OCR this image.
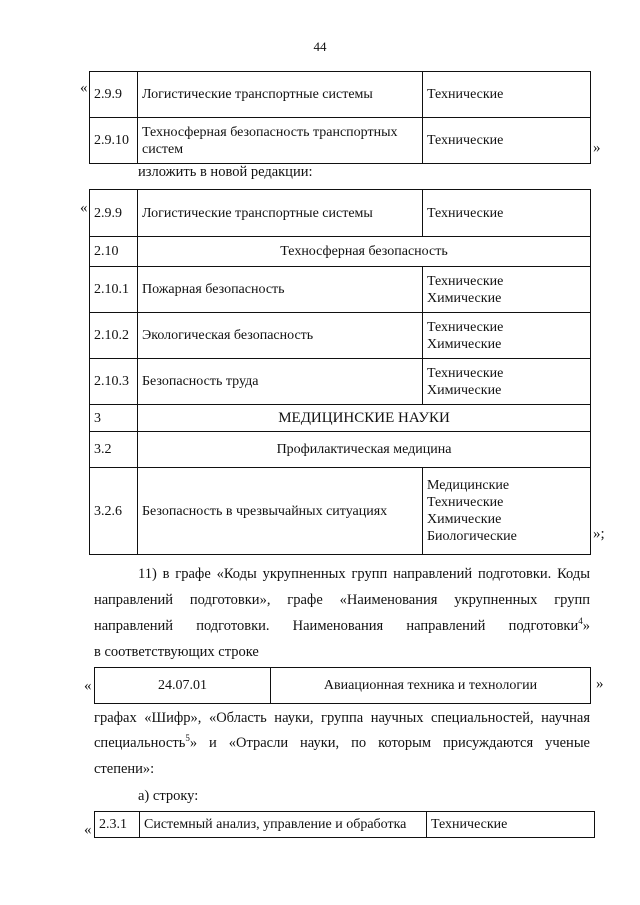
44
« 2.9.9	Логистические транспортные системы	Технические
2.9.10	Техносферная безопасность транспортных систем	Технические	»
изложить в новой редакции:
« 2.9.9	Логистические транспортные системы	Технические
2.10	Техносферная безопасность	
2.10.1	Пожарная безопасность	Технические
Химические

2.10.2	Экологическая безопасность	Технические
Химические

2.10.3	Безопасность труда	Технические
Химические

3	МЕДИЦИНСКИЕ НАУКИ	
3.2	Профилактическая медицина	
3.2.6	Безопасность в чрезвычайных ситуациях	Медицинские
Технические
Химические
Биологические	»;
11) в графе «Коды укрупненных групп направлений подготовки. Коды
направлений подготовки», графе «Наименования укрупненных групп
направлений подготовки. Наименования направлений подготовки$^4$»
в соответствующих строке
«	24.07.01	Авиационная техника и технологии	»
графах «Шифр», «Область науки, группа научных специальностей, научная
специальность$^5$» и «Отрасли науки, по которым присуждаются ученые
степени»:
а) строку:
« 2.3.1	Системный анализ, управление и обработка	Технические
